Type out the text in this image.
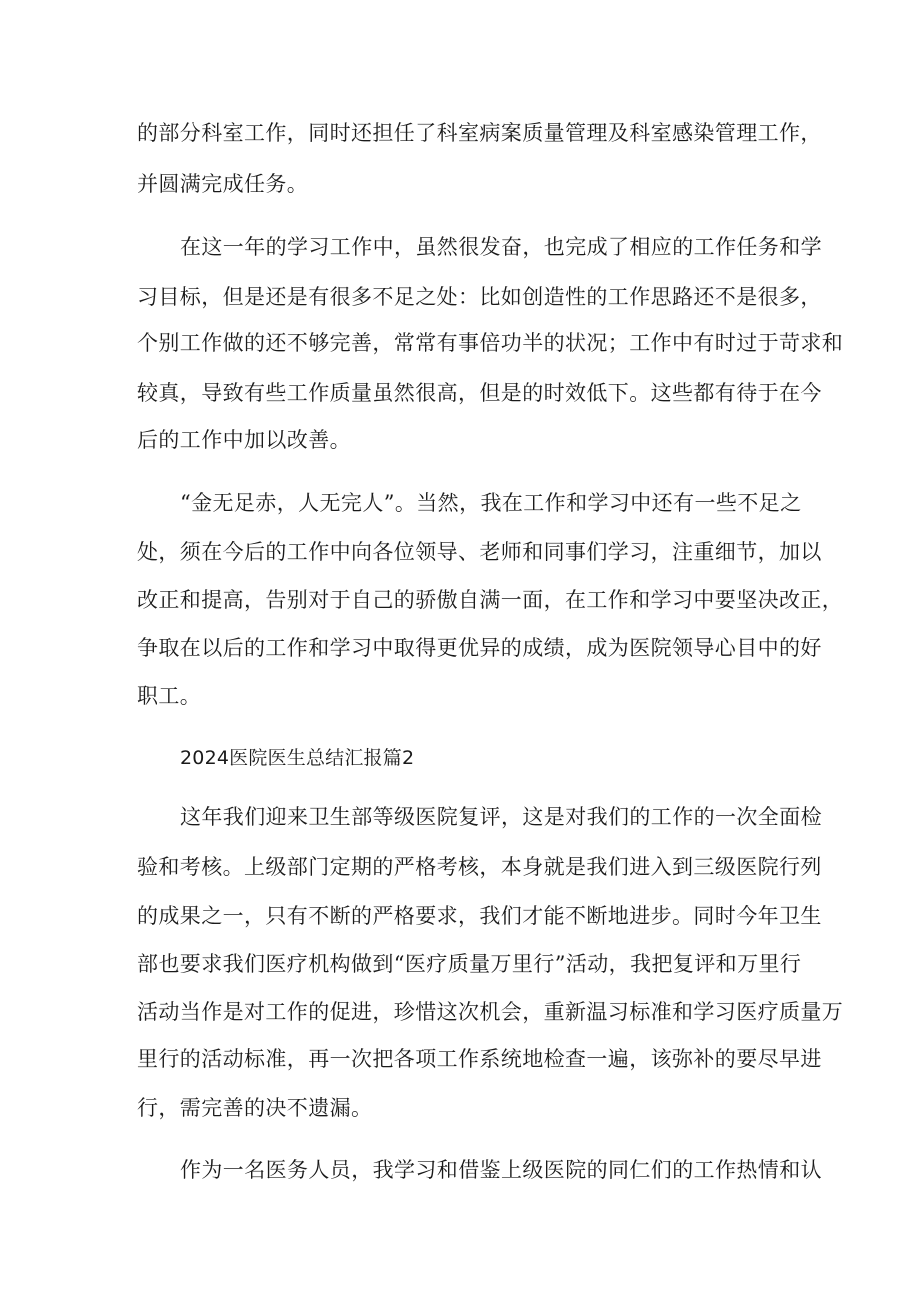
的部分科室工作，同时还担任了科室病案质量管理及科室感染管理工作，
并圆满完成任务。
在这一年的学习工作中，虽然很发奋，也完成了相应的工作任务和学
习目标，但是还是有很多不足之处：比如创造性的工作思路还不是很多，
个别工作做的还不够完善，常常有事倍功半的状况；工作中有时过于苛求和
较真，导致有些工作质量虽然很高，但是的时效低下。这些都有待于在今
后的工作中加以改善。
“金无足赤，人无完人”。当然，我在工作和学习中还有一些不足之
处，须在今后的工作中向各位领导、老师和同事们学习，注重细节，加以
改正和提高，告别对于自己的骄傲自满一面，在工作和学习中要坚决改正，
争取在以后的工作和学习中取得更优异的成绩，成为医院领导心目中的好
职工。
2024医院医生总结汇报篇2
这年我们迎来卫生部等级医院复评，这是对我们的工作的一次全面检
验和考核。上级部门定期的严格考核，本身就是我们进入到三级医院行列
的成果之一，只有不断的严格要求，我们才能不断地进步。同时今年卫生
部也要求我们医疗机构做到“医疗质量万里行”活动，我把复评和万里行
活动当作是对工作的促进，珍惜这次机会，重新温习标准和学习医疗质量万
里行的活动标准，再一次把各项工作系统地检查一遍，该弥补的要尽早进
行，需完善的决不遗漏。
作为一名医务人员，我学习和借鉴上级医院的同仁们的工作热情和认
